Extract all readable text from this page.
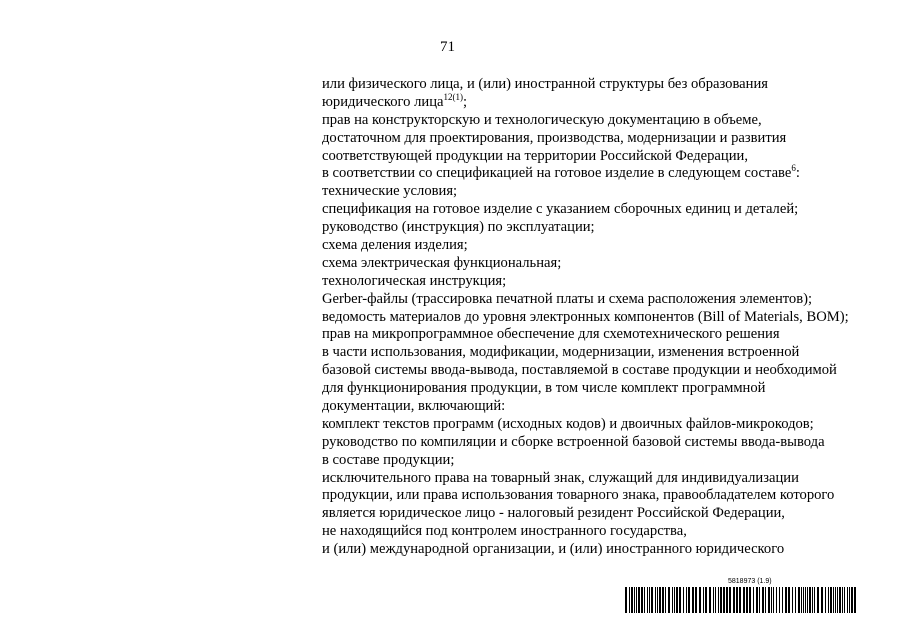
71
или физического лица, и (или) иностранной структуры без образования
юридического лица$^{12(1)}$;
прав на конструкторскую и технологическую документацию в объеме,
достаточном для проектирования, производства, модернизации и развития
соответствующей продукции на территории Российской Федерации,
в соответствии со спецификацией на готовое изделие в следующем составе$^6$:
технические условия;
спецификация на готовое изделие с указанием сборочных единиц и деталей;
руководство (инструкция) по эксплуатации;
схема деления изделия;
схема электрическая функциональная;
технологическая инструкция;
Gerber-файлы (трассировка печатной платы и схема расположения элементов);
ведомость материалов до уровня электронных компонентов (Bill of Materials, BOM);
прав на микропрограммное обеспечение для схемотехнического решения
в части использования, модификации, модернизации, изменения встроенной
базовой системы ввода-вывода, поставляемой в составе продукции и необходимой
для функционирования продукции, в том числе комплект программной
документации, включающий:
комплект текстов программ (исходных кодов) и двоичных файлов-микрокодов;
руководство по компиляции и сборке встроенной базовой системы ввода-вывода
в составе продукции;
исключительного права на товарный знак, служащий для индивидуализации
продукции, или права использования товарного знака, правообладателем которого
является юридическое лицо - налоговый резидент Российской Федерации,
не находящийся под контролем иностранного государства,
и (или) международной организации, и (или) иностранного юридического
5818973 (1.9)
